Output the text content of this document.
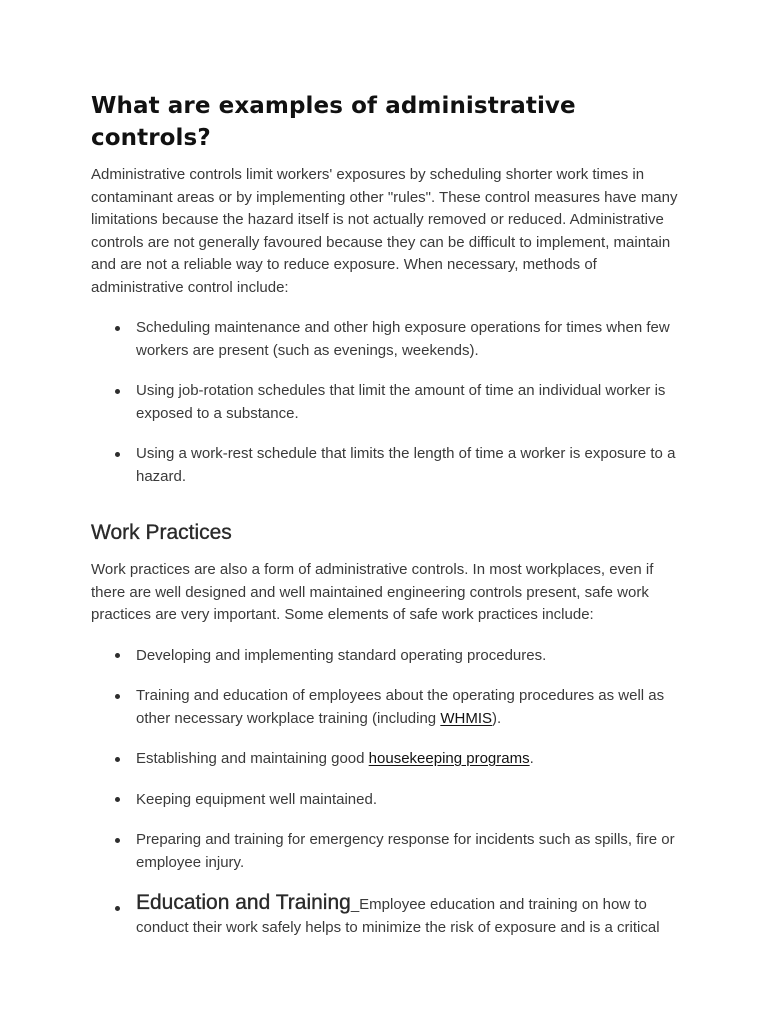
What are examples of administrative controls?

Administrative controls limit workers' exposures by scheduling shorter work times in contaminant areas or by implementing other "rules". These control measures have many limitations because the hazard itself is not actually removed or reduced. Administrative controls are not generally favoured because they can be difficult to implement, maintain and are not a reliable way to reduce exposure. When necessary, methods of administrative control include:

Scheduling maintenance and other high exposure operations for times when few workers are present (such as evenings, weekends).
Using job-rotation schedules that limit the amount of time an individual worker is exposed to a substance.
Using a work-rest schedule that limits the length of time a worker is exposure to a hazard.
Work Practices

Work practices are also a form of administrative controls. In most workplaces, even if there are well designed and well maintained engineering controls present, safe work practices are very important. Some elements of safe work practices include:

Developing and implementing standard operating procedures.
Training and education of employees about the operating procedures as well as other necessary workplace training (including WHMIS).
Establishing and maintaining good housekeeping programs.
Keeping equipment well maintained.
Preparing and training for emergency response for incidents such as spills, fire or employee injury.
Education and Training_Employee education and training on how to conduct their work safely helps to minimize the risk of exposure and is a critical
